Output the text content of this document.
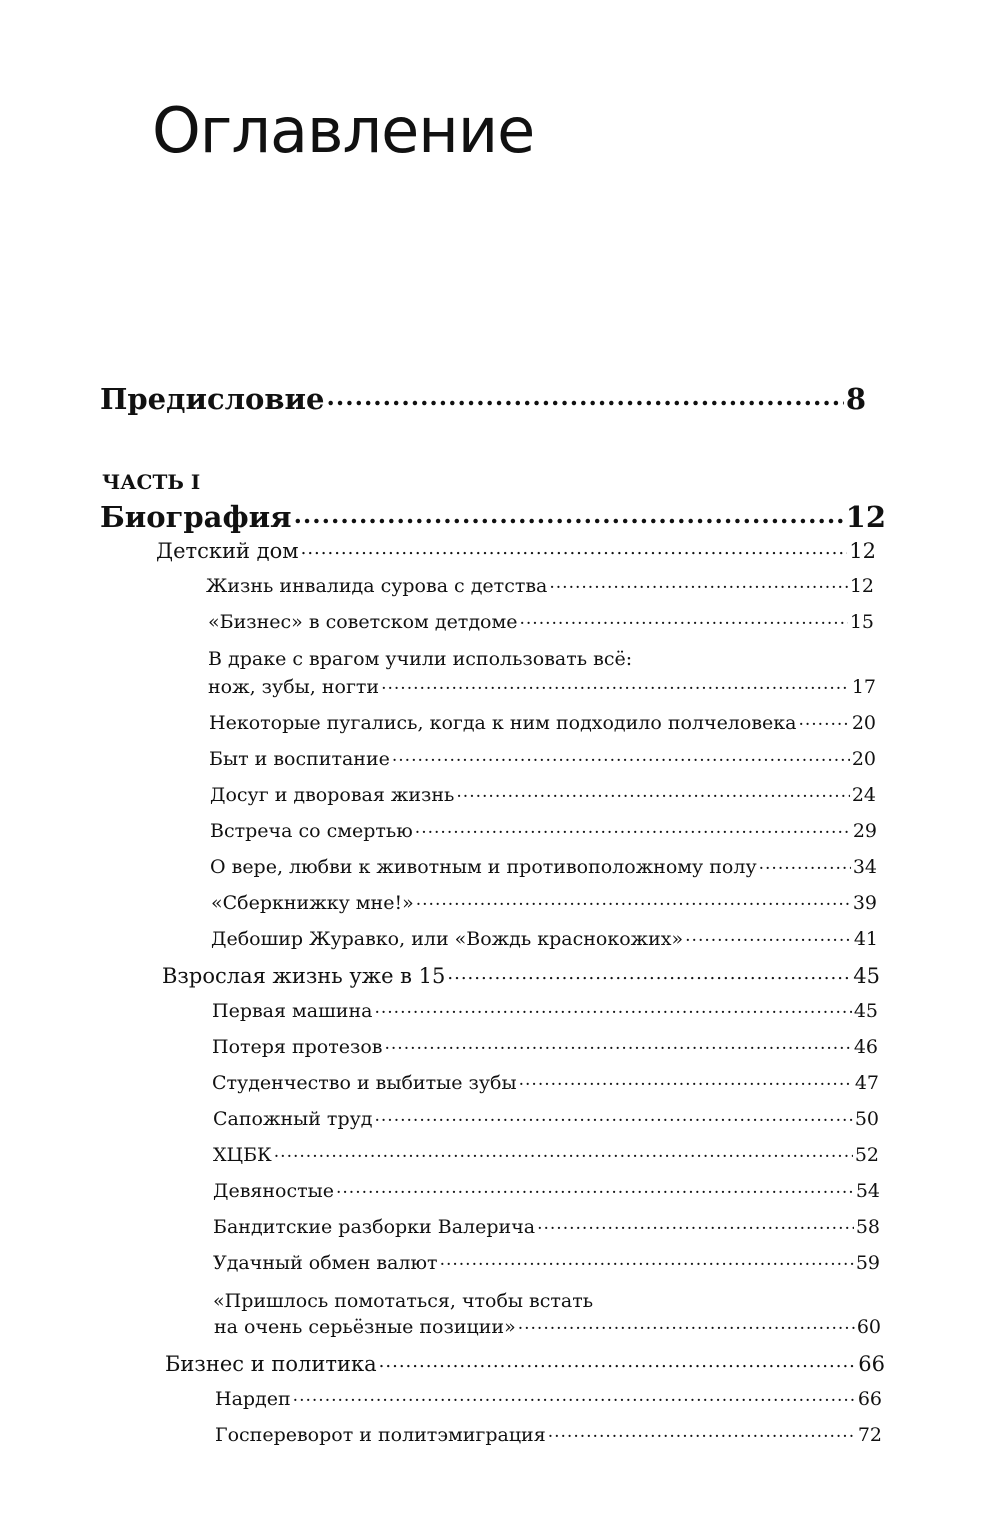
Оглавление
Предисловие .....	8
ЧАСТЬ I
Биография .....	12
Детский дом .....	12
Жизнь инвалида сурова с детства .....	12
«Бизнес» в советском детдоме .....	15
В драке с врагом учили использовать всё:
нож, зубы, ногти .....	17
Некоторые пугались, когда к ним подходило полчеловека .....	20
Быт и воспитание .....	20
Досуг и дворовая жизнь .....	24
Встреча со смертью .....	29
О вере, любви к животным и противоположному полу .....	34
«Сберкнижку мне!» .....	39
Дебошир Журавко, или «Вождь краснокожих» .....	41
Взрослая жизнь уже в 15 .....	45
Первая машина .....	45
Потеря протезов .....	46
Студенчество и выбитые зубы .....	47
Сапожный труд .....	50
ХЦБК .....	52
Девяностые .....	54
Бандитские разборки Валерича .....	58
Удачный обмен валют .....	59
«Пришлось помотаться, чтобы встать
на очень серьёзные позиции» .....	60
Бизнес и политика .....	66
Нардеп .....	66
Госпереворот и политэмиграция .....	72
